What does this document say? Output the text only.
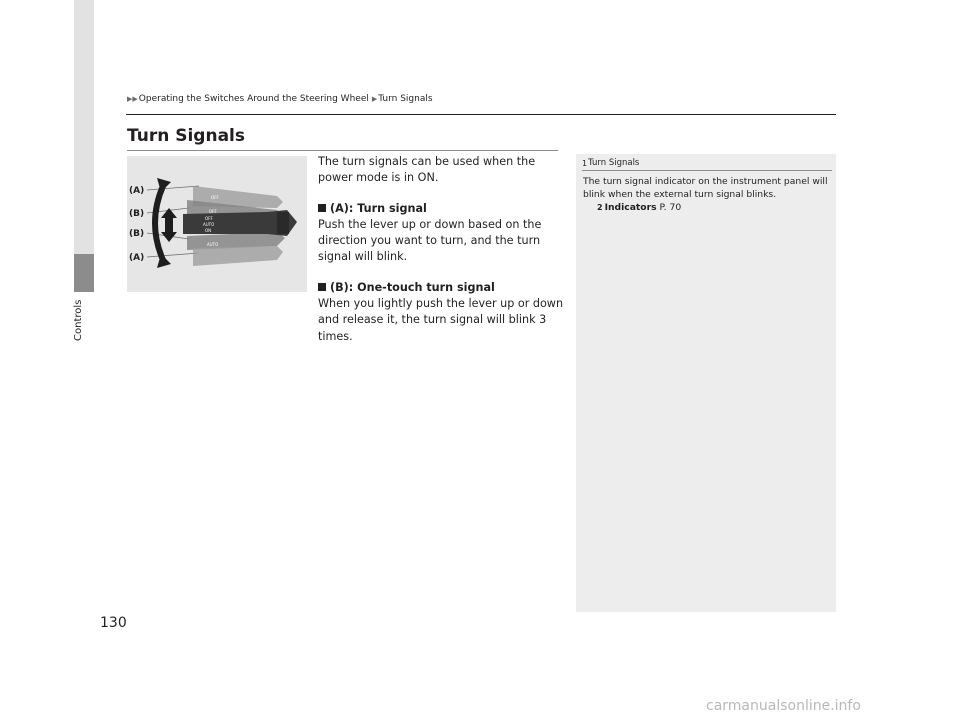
Controls
130
▶▶ Operating the Switches Around the Steering Wheel ▶ Turn Signals
Turn Signals
OFF
OFF
OFF
AUTO
ON
AUTO
(A)
(B)
(B)
(A)

The turn signals can be used when the power mode is in ON.

(A): Turn signal

Push the lever up or down based on the direction you want to turn, and the turn signal will blink.

(B): One-touch turn signal

When you lightly push the lever up or down and release it, the turn signal will blink 3 times.

1 Turn Signals
The turn signal indicator on the instrument panel will blink when the external turn signal blinks.
2 Indicators P. 70
carmanualsonline.info
